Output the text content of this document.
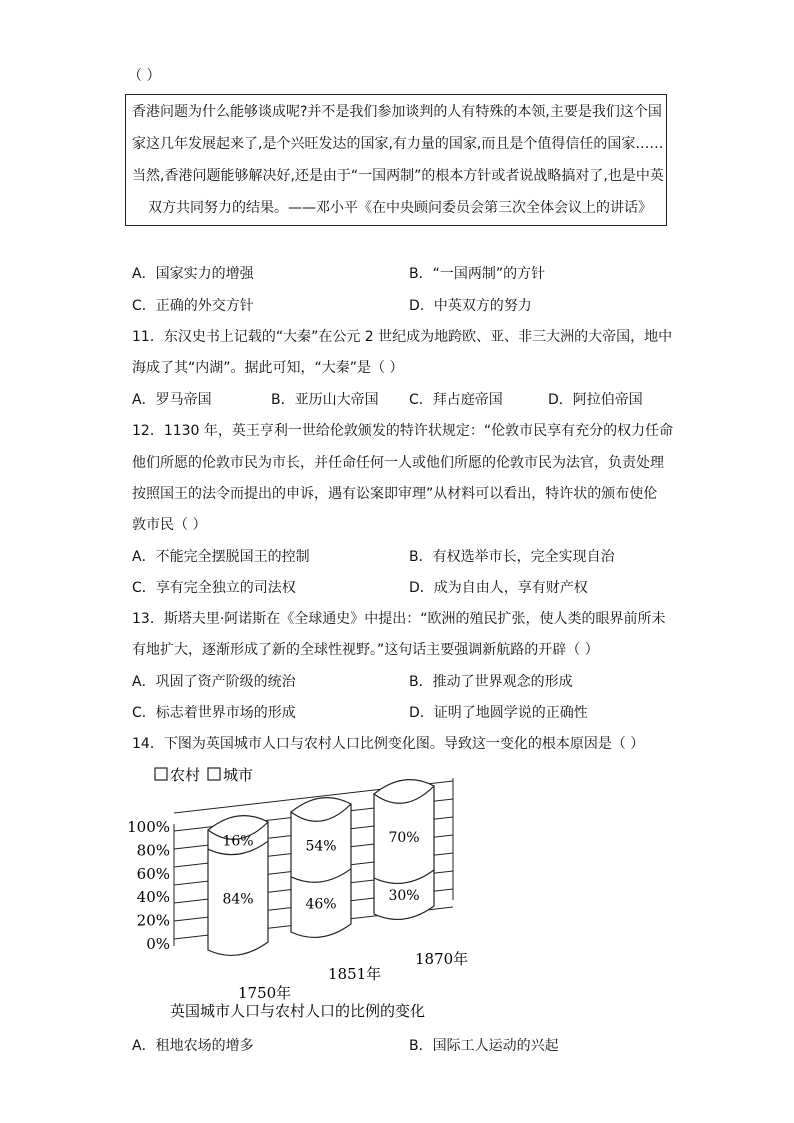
（ ）
香港问题为什么能够谈成呢?并不是我们参加谈判的人有特殊的本领,主要是我们这个国
家这几年发展起来了,是个兴旺发达的国家,有力量的国家,而且是个值得信任的国家……
当然,香港问题能够解决好,还是由于“一国两制”的根本方针或者说战略搞对了,也是中英
双方共同努力的结果。——邓小平《在中央顾问委员会第三次全体会议上的讲话》
A．国家实力的增强	B．“一国两制”的方针
C．正确的外交方针	D．中英双方的努力
11．东汉史书上记载的“大秦”在公元 2 世纪成为地跨欧、亚、非三大洲的大帝国，地中
海成了其“内湖”。据此可知，“大秦”是（ ）
A．罗马帝国	B．亚历山大帝国 C．拜占庭帝国	D．阿拉伯帝国
12．1130 年，英王亨利一世给伦敦颁发的特许状规定：“伦敦市民享有充分的权力任命
他们所愿的伦敦市民为市长，并任命任何一人或他们所愿的伦敦市民为法官，负责处理
按照国王的法令而提出的申诉，遇有讼案即审理”从材料可以看出，特许状的颁布使伦
敦市民（ ）
A．不能完全摆脱国王的控制	B．有权选举市长，完全实现自治
C．享有完全独立的司法权	D．成为自由人，享有财产权
13．斯塔夫里·阿诺斯在《全球通史》中提出：“欧洲的殖民扩张，使人类的眼界前所未
有地扩大，逐渐形成了新的全球性视野。”这句话主要强调新航路的开辟（ ）
A．巩固了资产阶级的统治	B．推动了世界观念的形成
C．标志着世界市场的形成	D．证明了地圆学说的正确性
14．下图为英国城市人口与农村人口比例变化图。导致这一变化的根本原因是（ ）
农村 城市
100%
80%
60%
40%
20%
0%
16%
84%
54%
46%
70%
30%
1750年
1851年
1870年
英国城市人口与农村人口的比例的变化
A．租地农场的增多	B．国际工人运动的兴起
